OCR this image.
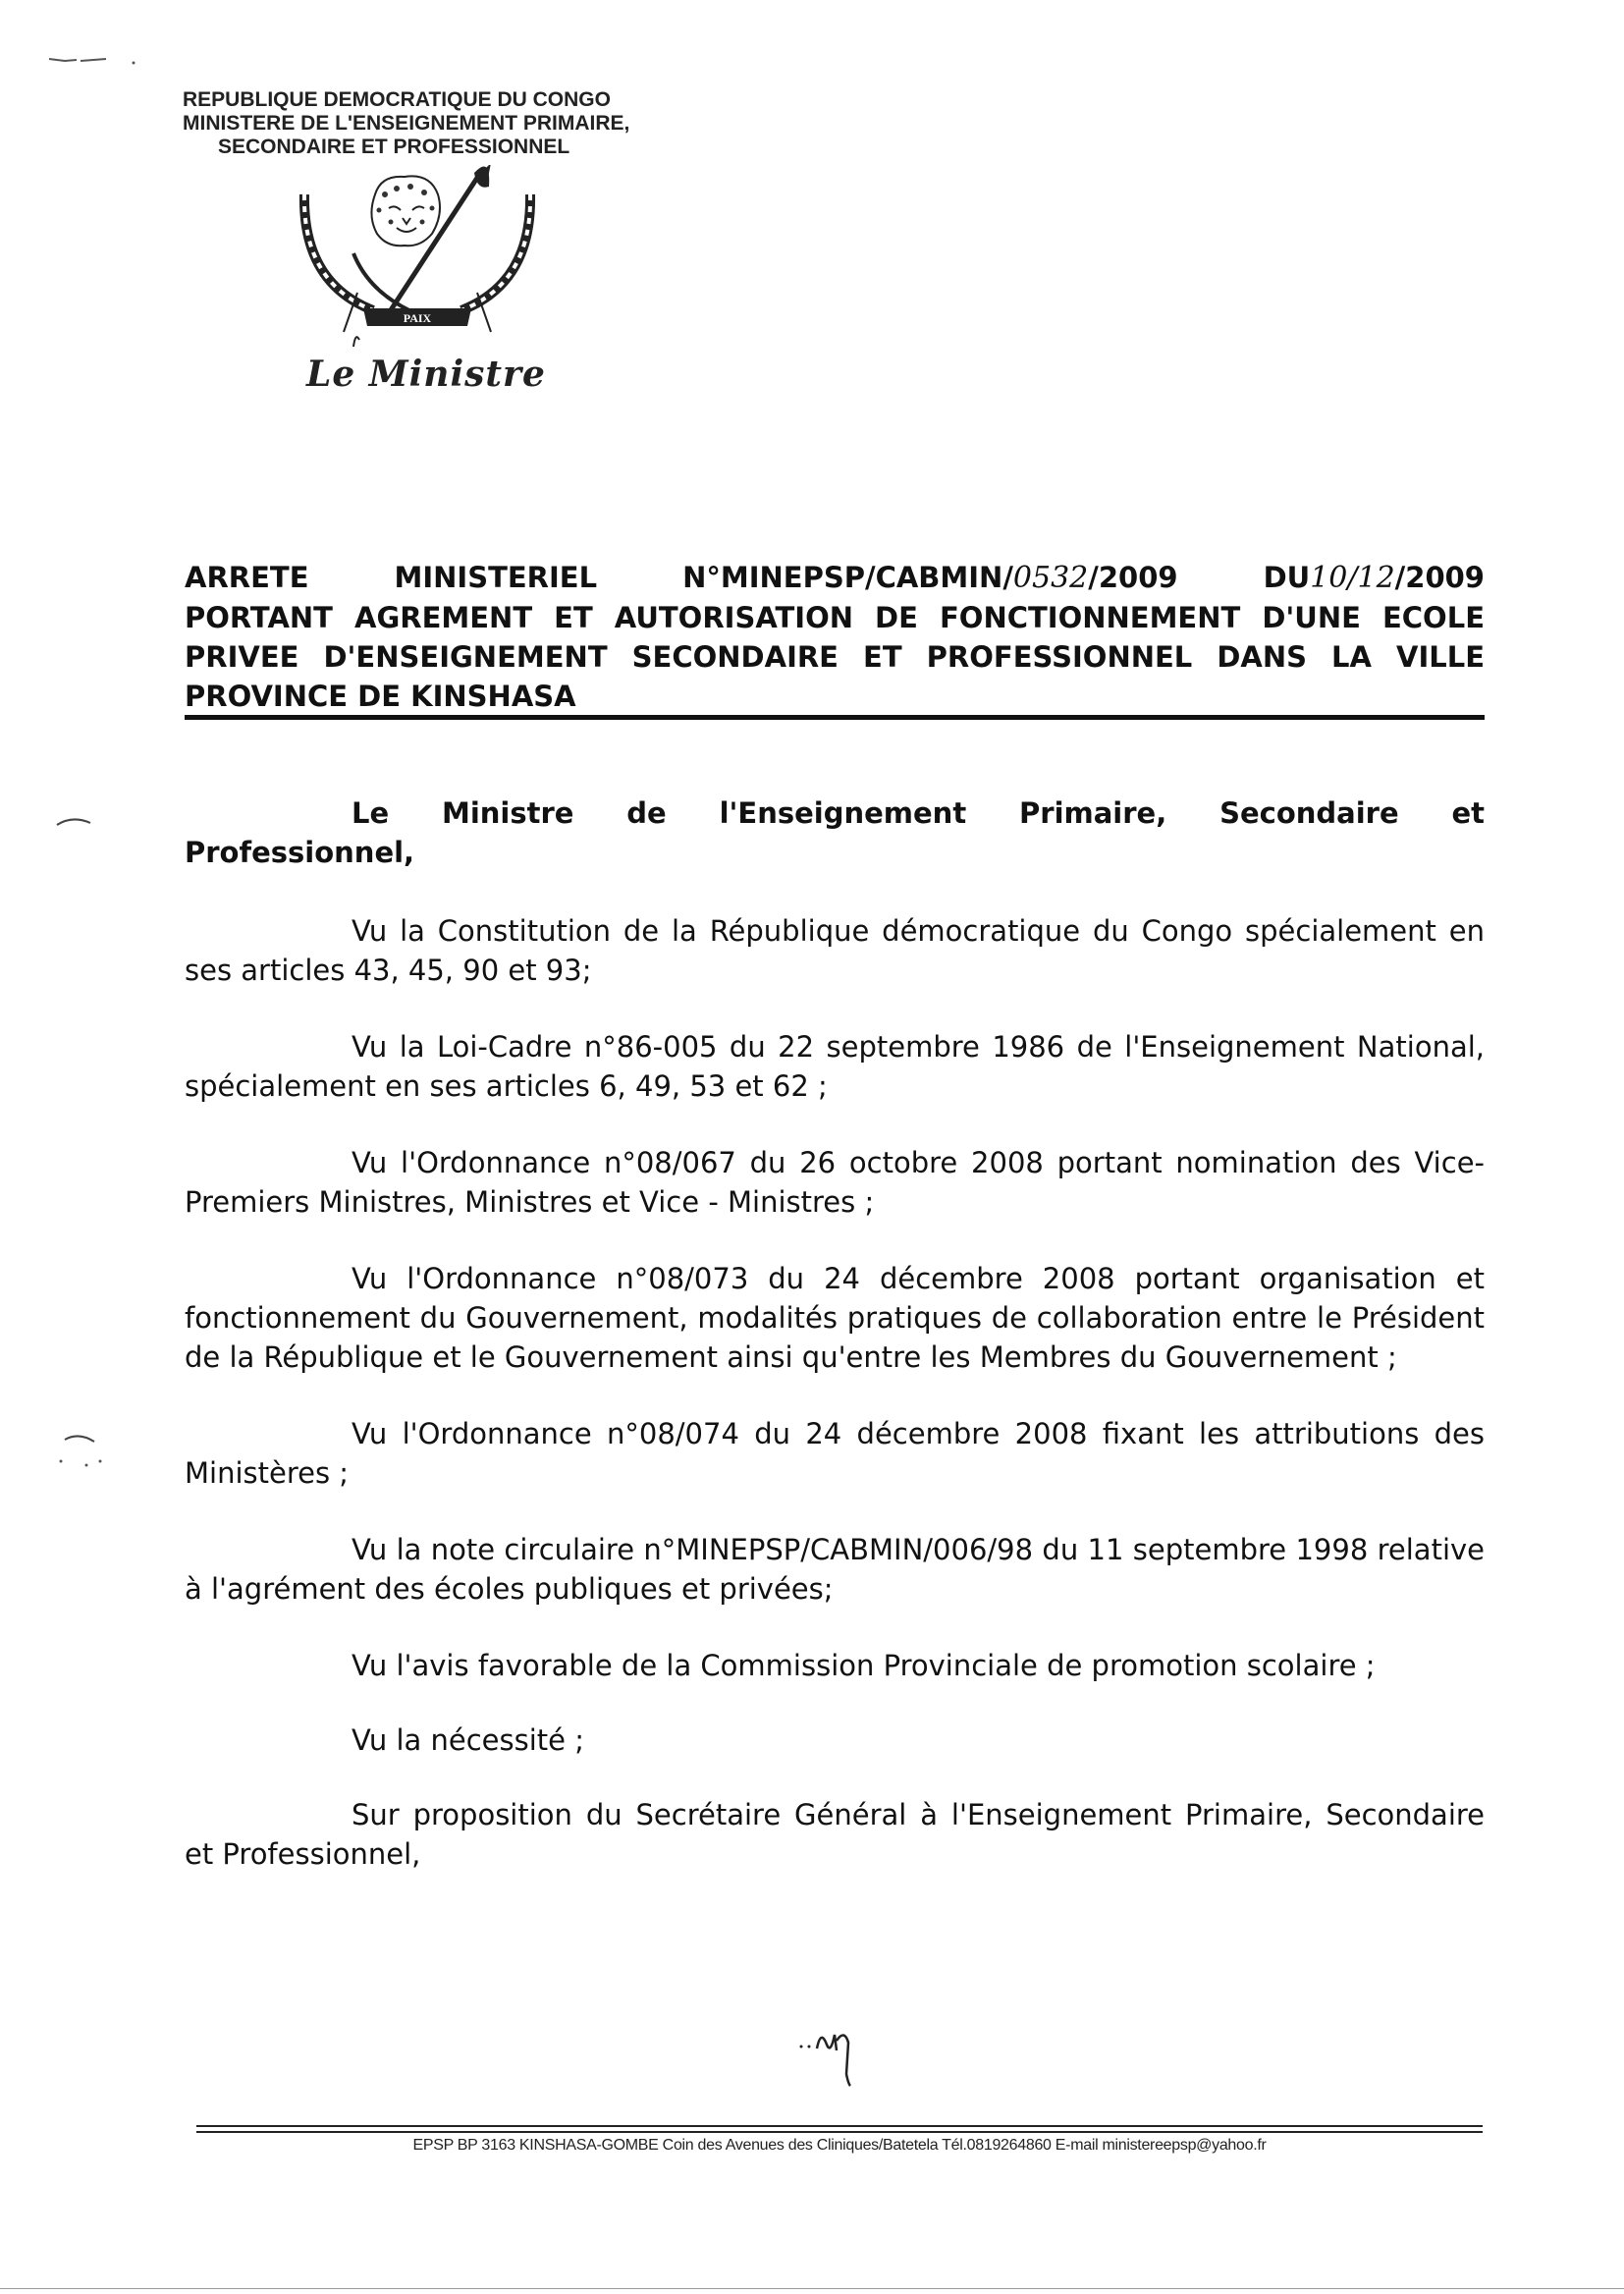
REPUBLIQUE DEMOCRATIQUE DU CONGO
MINISTERE DE L'ENSEIGNEMENT PRIMAIRE,
SECONDAIRE ET PROFESSIONNEL
PAIX
Le Ministre
ARRETE	MINISTERIEL	N°MINEPSP/CABMIN/0532/2009	DU10/12/2009
PORTANT AGREMENT ET AUTORISATION DE FONCTIONNEMENT D'UNE ECOLE
PRIVEE D'ENSEIGNEMENT SECONDAIRE ET PROFESSIONNEL DANS LA VILLE
PROVINCE DE KINSHASA
Le Ministre de l'Enseignement Primaire, Secondaire et
Professionnel,

Vu la Constitution de la République démocratique du Congo spécialement en ses articles 43, 45, 90 et 93;

Vu la Loi-Cadre n°86-005 du 22 septembre 1986 de l'Enseignement National, spécialement en ses articles 6, 49, 53 et 62 ;

Vu l'Ordonnance n°08/067 du 26 octobre 2008 portant nomination des Vice-Premiers Ministres, Ministres et Vice - Ministres ;

Vu l'Ordonnance n°08/073 du 24 décembre 2008 portant organisation et fonctionnement du Gouvernement, modalités pratiques de collaboration entre le Président de la République et le Gouvernement ainsi qu'entre les Membres du Gouvernement ;

Vu l'Ordonnance n°08/074 du 24 décembre 2008 fixant les attributions des Ministères ;

Vu la note circulaire n°MINEPSP/CABMIN/006/98 du 11 septembre 1998 relative à l'agrément des écoles publiques et privées;

Vu l'avis favorable de la Commission Provinciale de promotion scolaire ;

Vu la nécessité ;

Sur proposition du Secrétaire Général à l'Enseignement Primaire, Secondaire et Professionnel,

EPSP BP 3163 KINSHASA-GOMBE Coin des Avenues des Cliniques/Batetela Tél.0819264860 E-mail ministereepsp@yahoo.fr
